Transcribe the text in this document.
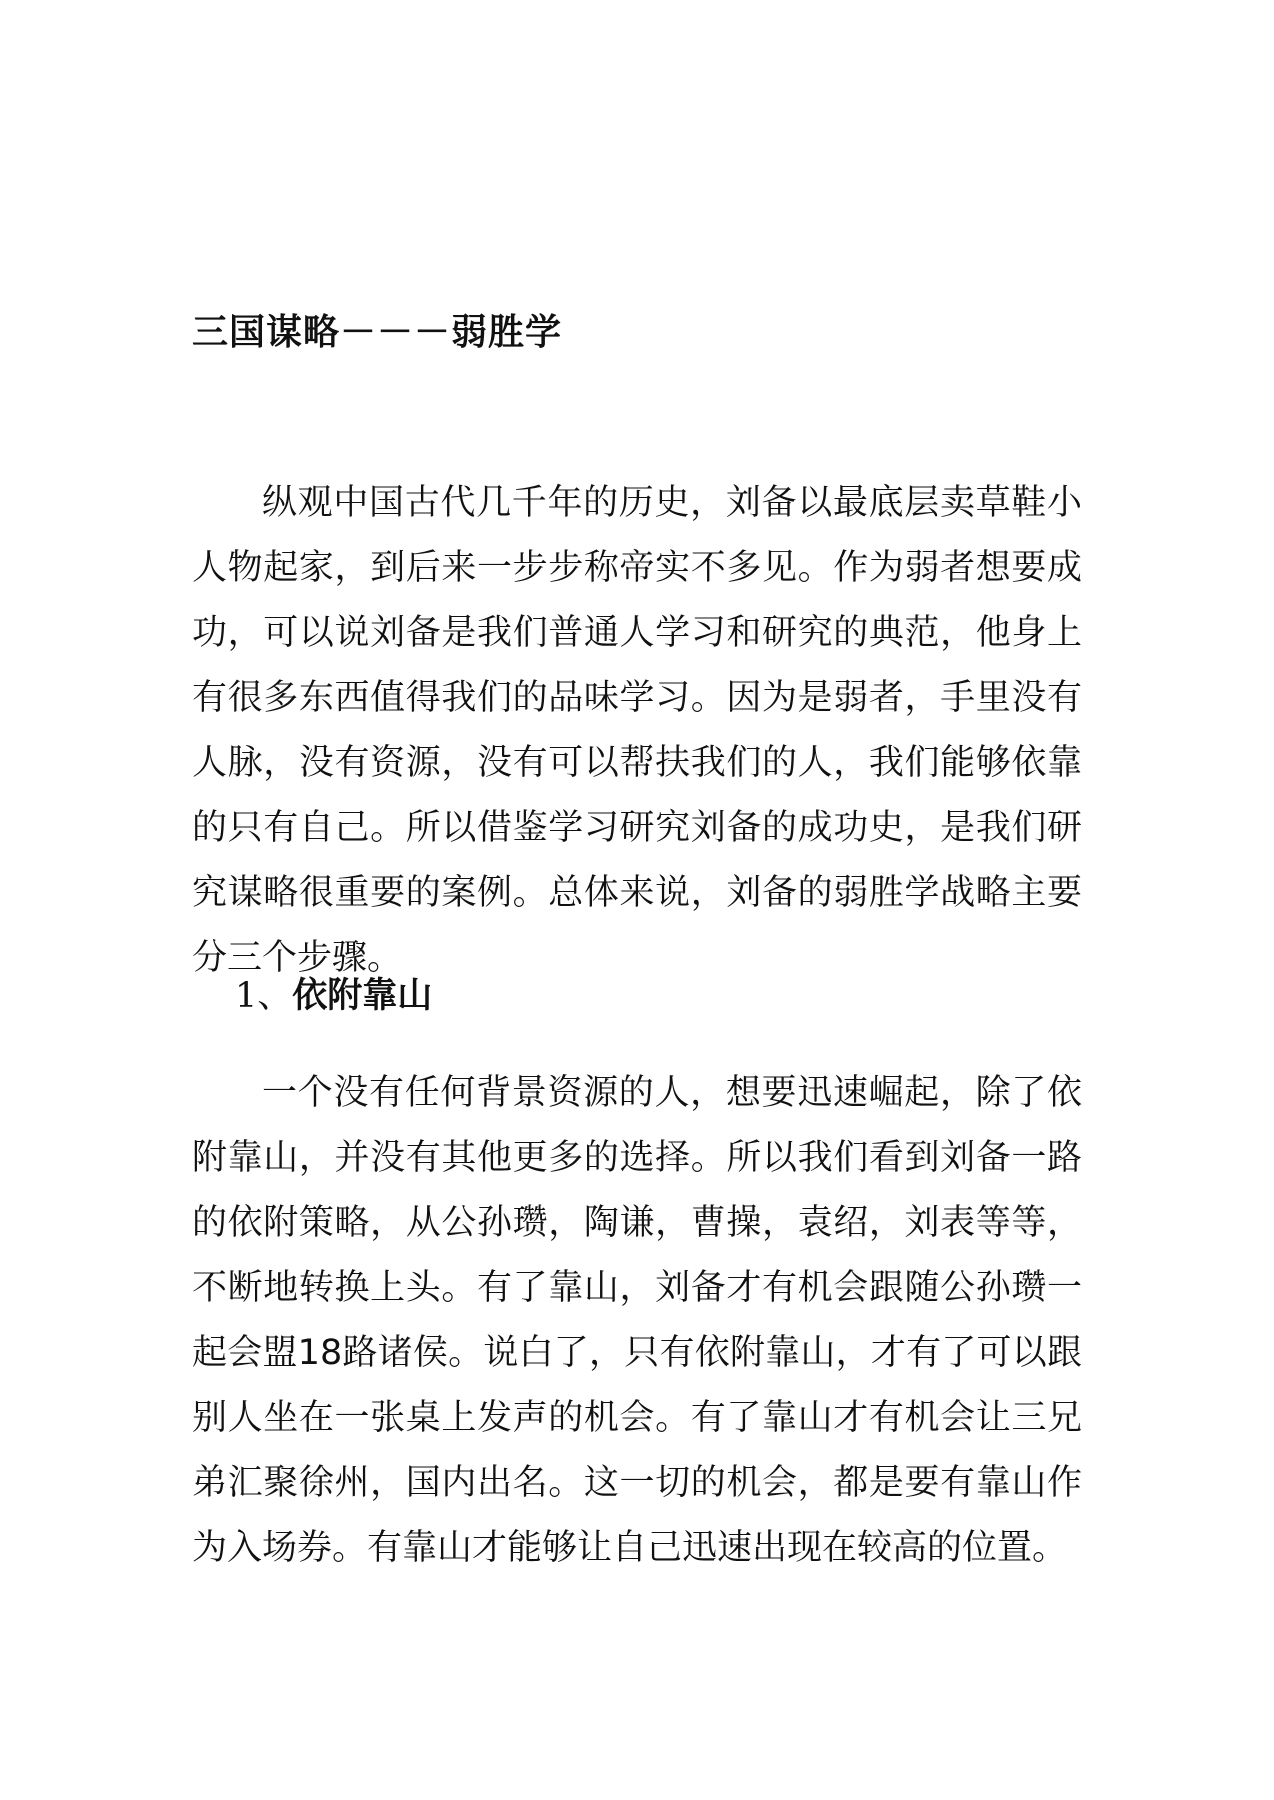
三国谋略－－－弱胜学

纵观中国古代几千年的历史，刘备以最底层卖草鞋小人物起家，到后来一步步称帝实不多见。作为弱者想要成功，可以说刘备是我们普通人学习和研究的典范，他身上有很多东西值得我们的品味学习。因为是弱者，手里没有人脉，没有资源，没有可以帮扶我们的人，我们能够依靠的只有自己。所以借鉴学习研究刘备的成功史，是我们研究谋略很重要的案例。总体来说，刘备的弱胜学战略主要分三个步骤。

1、依附靠山

一个没有任何背景资源的人，想要迅速崛起，除了依附靠山，并没有其他更多的选择。所以我们看到刘备一路的依附策略，从公孙瓒，陶谦，曹操，袁绍，刘表等等，不断地转换上头。有了靠山，刘备才有机会跟随公孙瓒一起会盟18路诸侯。说白了，只有依附靠山，才有了可以跟别人坐在一张桌上发声的机会。有了靠山才有机会让三兄弟汇聚徐州，国内出名。这一切的机会，都是要有靠山作为入场券。有靠山才能够让自己迅速出现在较高的位置。
